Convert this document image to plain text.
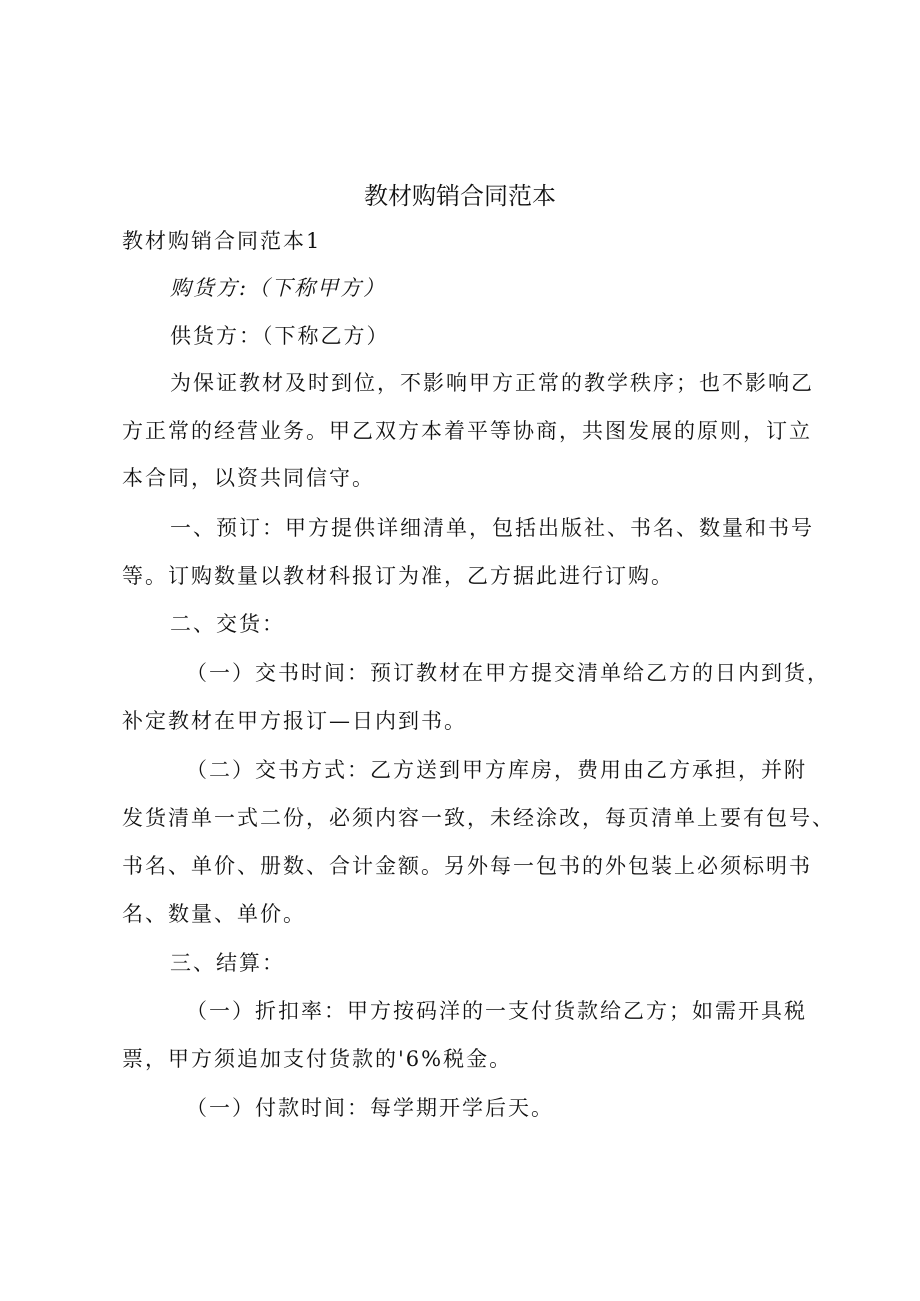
教材购销合同范本
教材购销合同范本1
购货方:（下称甲方）
供货方：（下称乙方）
为保证教材及时到位，不影响甲方正常的教学秩序；也不影响乙
方正常的经营业务。甲乙双方本着平等协商，共图发展的原则，订立
本合同，以资共同信守。
一、预订：甲方提供详细清单，包括出版社、书名、数量和书号
等。订购数量以教材科报订为准，乙方据此进行订购。
二、交货：
（一）交书时间：预订教材在甲方提交清单给乙方的日内到货，
补定教材在甲方报订—日内到书。
（二）交书方式：乙方送到甲方库房，费用由乙方承担，并附
发货清单一式二份，必须内容一致，未经涂改，每页清单上要有包号、
书名、单价、册数、合计金额。另外每一包书的外包装上必须标明书
名、数量、单价。
三、结算：
（一）折扣率：甲方按码洋的一支付货款给乙方；如需开具税
票，甲方须追加支付货款的'6%税金。
（一）付款时间：每学期开学后天。
